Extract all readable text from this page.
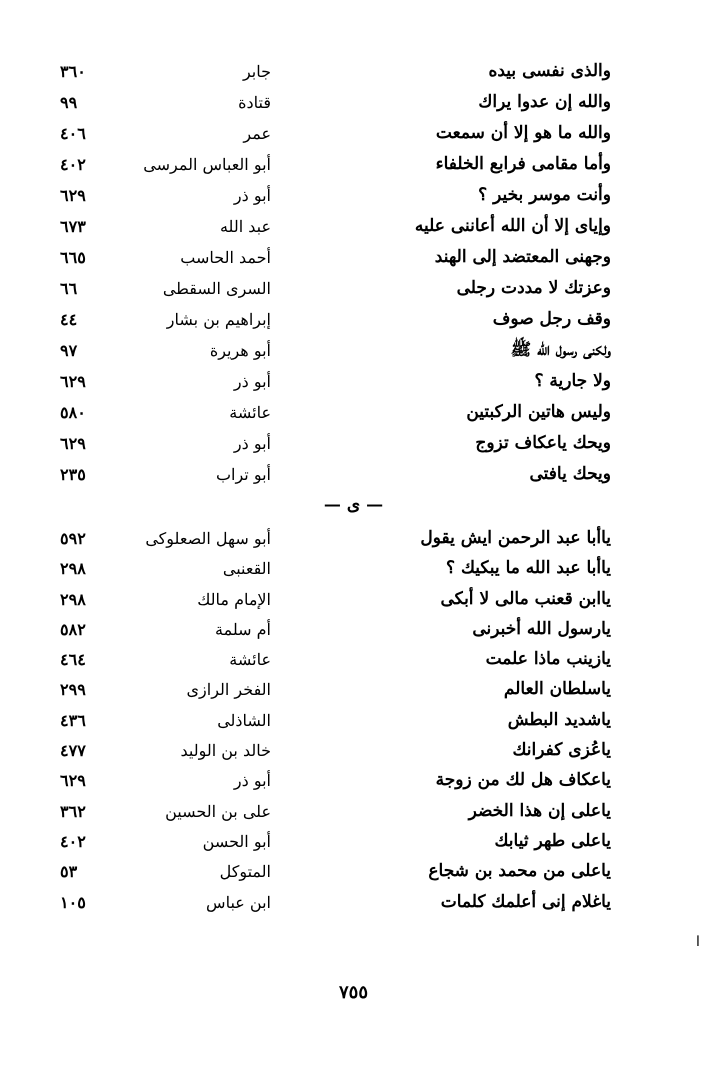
والذى نفسى بيده
جابر
٣٦٠
والله إن عدوا يراك
قتادة
٩٩
والله ما هو إلا أن سمعت
عمر
٤٠٦
وأما مقامى فرابع الخلفاء
أبو العباس المرسى
٤٠٢
وأنت موسر بخير ؟
أبو ذر
٦٢٩
وإياى إلا أن الله أعاننى عليه
عبد الله
٦٧٣
وجهنى المعتضد إلى الهند
أحمد الحاسب
٦٦٥
وعزتك لا مددت رجلى
السرى السقطى
٦٦
وقف رجل صوف
إبراهيم بن بشار
٤٤
ولكنى رسول الله ﷺ
أبو هريرة
٩٧
ولا جارية ؟
أبو ذر
٦٢٩
وليس هاتين الركبتين
عائشة
٥٨٠
ويحك ياعكاف تزوج
أبو ذر
٦٢٩
ويحك يافتى
أبو تراب
٢٣٥
— ى —
ياأبا عبد الرحمن ايش يقول
أبو سهل الصعلوكى
٥٩٢
ياأبا عبد الله ما يبكيك ؟
القعنبى
٢٩٨
ياابن قعنب مالى لا أبكى
الإمام مالك
٢٩٨
يارسول الله أخبرنى
أم سلمة
٥٨٢
يازينب ماذا علمت
عائشة
٤٦٤
ياسلطان العالم
الفخر الرازى
٢٩٩
ياشديد البطش
الشاذلى
٤٣٦
ياعُزى كفرانك
خالد بن الوليد
٤٧٧
ياعكاف هل لك من زوجة
أبو ذر
٦٢٩
ياعلى إن هذا الخضر
على بن الحسين
٣٦٢
ياعلى طهر ثيابك
أبو الحسن
٤٠٢
ياعلى من محمد بن شجاع
المتوكل
٥٣
ياغلام إنى أعلمك كلمات
ابن عباس
١٠٥
ا
٧٥٥
